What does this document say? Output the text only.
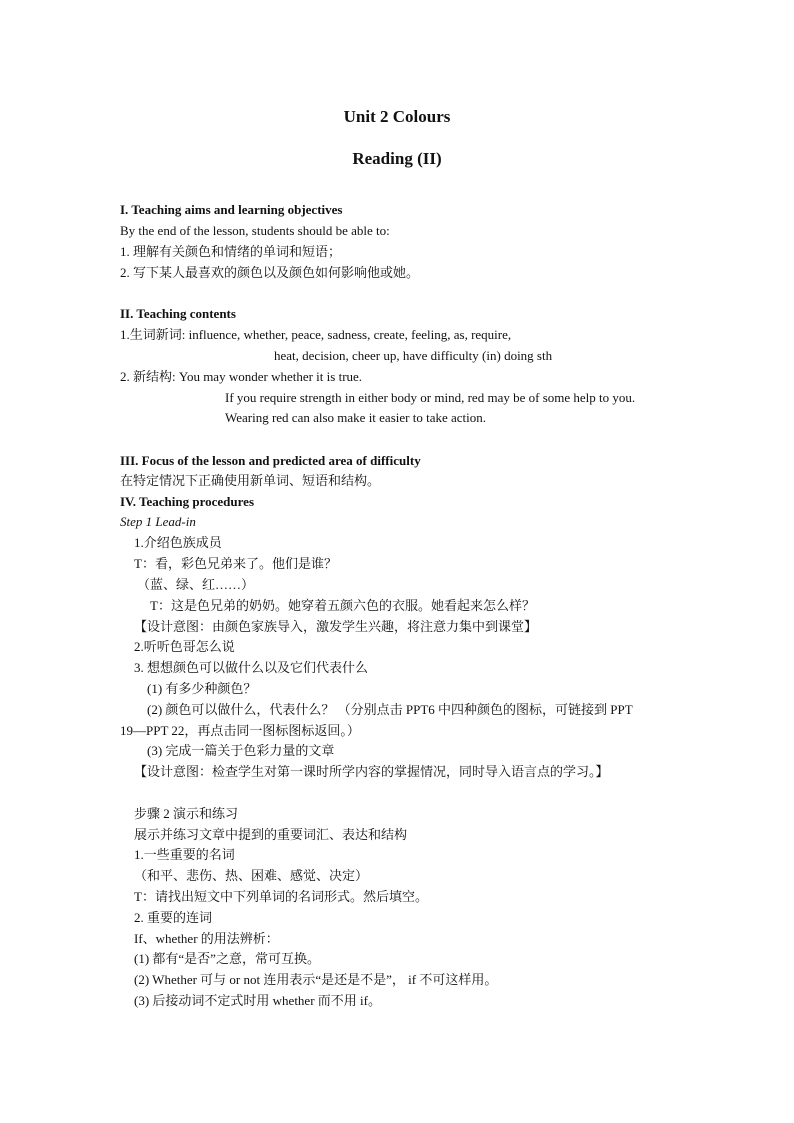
Unit 2 Colours
Reading (II)
I. Teaching aims and learning objectives
By the end of the lesson, students should be able to:
1. 理解有关颜色和情绪的单词和短语；
2. 写下某人最喜欢的颜色以及颜色如何影响他或她。
II. Teaching contents
1.生词新词: influence, whether, peace, sadness, create, feeling, as, require,
heat, decision, cheer up, have difficulty (in) doing sth
2. 新结构: You may wonder whether it is true.
If you require strength in either body or mind, red may be of some help to you.
Wearing red can also make it easier to take action.
III. Focus of the lesson and predicted area of difficulty
在特定情况下正确使用新单词、短语和结构。
IV. Teaching procedures
Step 1 Lead-in
1.介绍色族成员
T：看，彩色兄弟来了。他们是谁？
（蓝、绿、红……）
T：这是色兄弟的奶奶。她穿着五颜六色的衣服。她看起来怎么样？
【设计意图：由颜色家族导入，激发学生兴趣，将注意力集中到课堂】
2.听听色哥怎么说
3. 想想颜色可以做什么以及它们代表什么
(1) 有多少种颜色？
(2) 颜色可以做什么，代表什么？ （分别点击 PPT6 中四种颜色的图标，可链接到 PPT
19—PPT 22，再点击同一图标图标返回。）
(3) 完成一篇关于色彩力量的文章
【设计意图：检查学生对第一课时所学内容的掌握情况，同时导入语言点的学习。】
步骤 2 演示和练习
展示并练习文章中提到的重要词汇、表达和结构
1.一些重要的名词
（和平、悲伤、热、困难、感觉、决定）
T：请找出短文中下列单词的名词形式。然后填空。
2. 重要的连词
If、whether 的用法辨析：
(1) 都有“是否”之意，常可互换。
(2) Whether 可与 or not 连用表示“是还是不是”， if 不可这样用。
(3) 后接动词不定式时用 whether 而不用 if。
